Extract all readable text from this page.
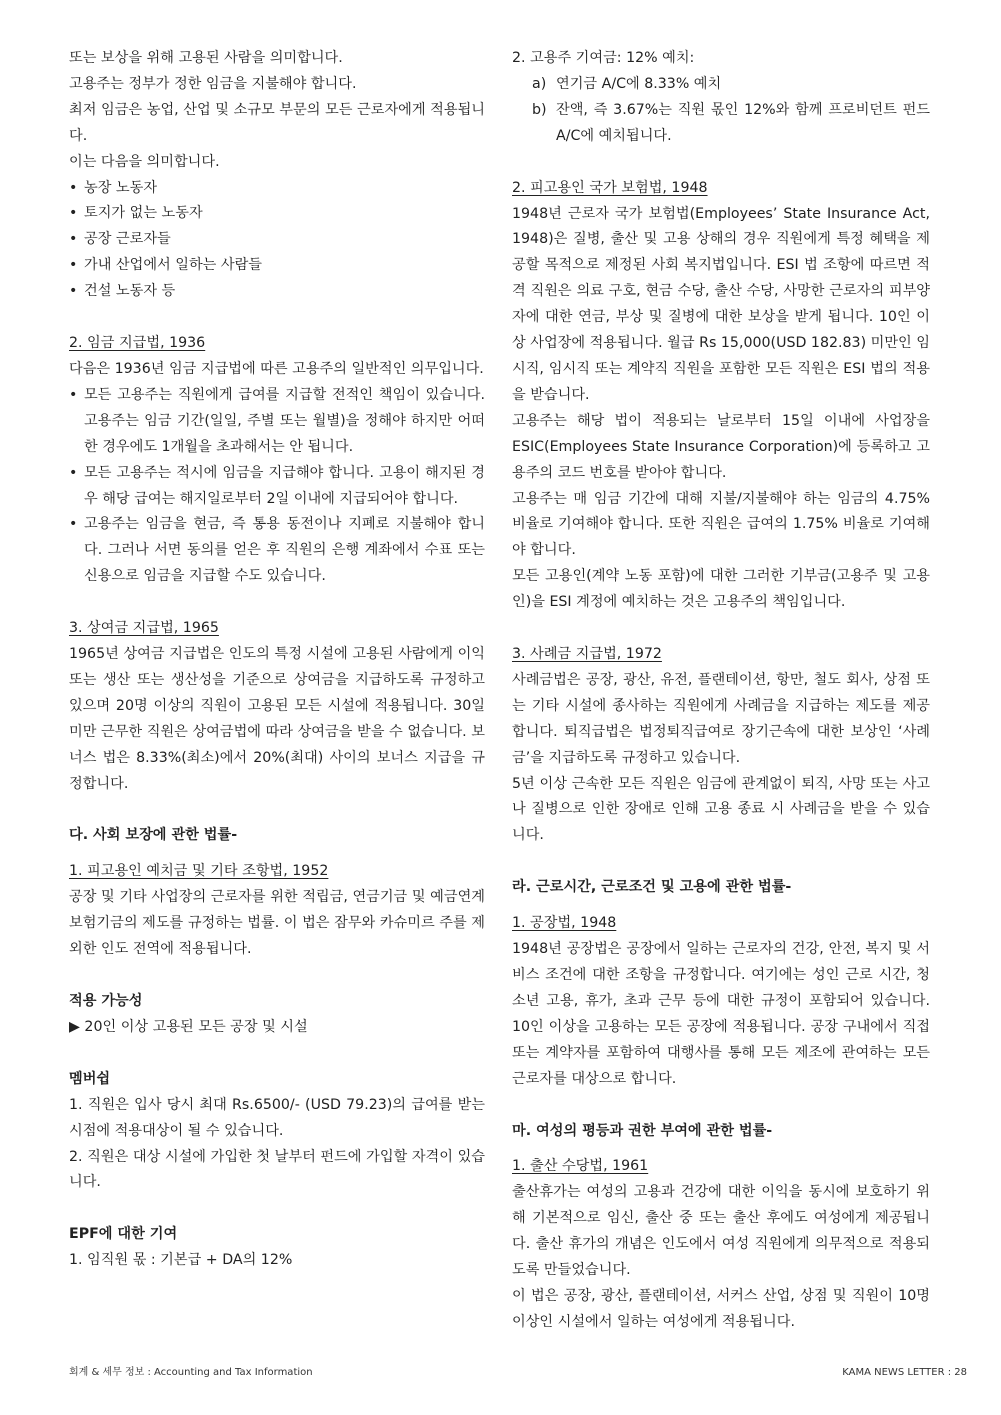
또는 보상을 위해 고용된 사람을 의미합니다.

고용주는 정부가 정한 임금을 지불해야 합니다.

최저 임금은 농업, 산업 및 소규모 부문의 모든 근로자에게 적용됩니다.

이는 다음을 의미합니다.

• 농장 노동자
• 토지가 없는 노동자
• 공장 근로자들
• 가내 산업에서 일하는 사람들
• 건설 노동자 등

2. 임금 지급법, 1936

다음은 1936년 임금 지급법에 따른 고용주의 일반적인 의무입니다.

• 모든 고용주는 직원에게 급여를 지급할 전적인 책임이 있습니다. 고용주는 임금 기간(일일, 주별 또는 월별)을 정해야 하지만 어떠한 경우에도 1개월을 초과해서는 안 됩니다.
• 모든 고용주는 적시에 임금을 지급해야 합니다. 고용이 해지된 경우 해당 급여는 해지일로부터 2일 이내에 지급되어야 합니다.
• 고용주는 임금을 현금, 즉 통용 동전이나 지폐로 지불해야 합니다. 그러나 서면 동의를 얻은 후 직원의 은행 계좌에서 수표 또는 신용으로 임금을 지급할 수도 있습니다.

3. 상여금 지급법, 1965

1965년 상여금 지급법은 인도의 특정 시설에 고용된 사람에게 이익 또는 생산 또는 생산성을 기준으로 상여금을 지급하도록 규정하고 있으며 20명 이상의 직원이 고용된 모든 시설에 적용됩니다. 30일 미만 근무한 직원은 상여금법에 따라 상여금을 받을 수 없습니다. 보너스 법은 8.33%(최소)에서 20%(최대) 사이의 보너스 지급을 규정합니다.

다. 사회 보장에 관한 법률-

1. 피고용인 예치금 및 기타 조항법, 1952

공장 및 기타 사업장의 근로자를 위한 적립금, 연금기금 및 예금연계보험기금의 제도를 규정하는 법률. 이 법은 잠무와 카슈미르 주를 제외한 인도 전역에 적용됩니다.

적용 가능성

▶ 20인 이상 고용된 모든 공장 및 시설

멤버쉽

1. 직원은 입사 당시 최대 Rs.6500/- (USD 79.23)의 급여를 받는 시점에 적용대상이 될 수 있습니다.

2. 직원은 대상 시설에 가입한 첫 날부터 펀드에 가입할 자격이 있습니다.

EPF에 대한 기여

1. 임직원 몫 : 기본급 + DA의 12%

2. 고용주 기여금: 12% 예치:

a) 연기금 A/C에 8.33% 예치
b) 잔액, 즉 3.67%는 직원 몫인 12%와 함께 프로비던트 펀드 A/C에 예치됩니다.

2. 피고용인 국가 보험법, 1948

1948년 근로자 국가 보험법(Employees’ State Insurance Act, 1948)은 질병, 출산 및 고용 상해의 경우 직원에게 특정 혜택을 제공할 목적으로 제정된 사회 복지법입니다. ESI 법 조항에 따르면 적격 직원은 의료 구호, 현금 수당, 출산 수당, 사망한 근로자의 피부양자에 대한 연금, 부상 및 질병에 대한 보상을 받게 됩니다. 10인 이상 사업장에 적용됩니다. 월급 Rs 15,000(USD 182.83) 미만인 임시직, 임시직 또는 계약직 직원을 포함한 모든 직원은 ESI 법의 적용을 받습니다.

고용주는 해당 법이 적용되는 날로부터 15일 이내에 사업장을 ESIC(Employees State Insurance Corporation)에 등록하고 고용주의 코드 번호를 받아야 합니다.

고용주는 매 임금 기간에 대해 지불/지불해야 하는 임금의 4.75% 비율로 기여해야 합니다. 또한 직원은 급여의 1.75% 비율로 기여해야 합니다.

모든 고용인(계약 노동 포함)에 대한 그러한 기부금(고용주 및 고용인)을 ESI 계정에 예치하는 것은 고용주의 책임입니다.

3. 사례금 지급법, 1972

사례금법은 공장, 광산, 유전, 플랜테이션, 항만, 철도 회사, 상점 또는 기타 시설에 종사하는 직원에게 사례금을 지급하는 제도를 제공합니다. 퇴직급법은 법정퇴직급여로 장기근속에 대한 보상인 ‘사례금’을 지급하도록 규정하고 있습니다.

5년 이상 근속한 모든 직원은 임금에 관계없이 퇴직, 사망 또는 사고나 질병으로 인한 장애로 인해 고용 종료 시 사례금을 받을 수 있습니다.

라. 근로시간, 근로조건 및 고용에 관한 법률-

1. 공장법, 1948

1948년 공장법은 공장에서 일하는 근로자의 건강, 안전, 복지 및 서비스 조건에 대한 조항을 규정합니다. 여기에는 성인 근로 시간, 청소년 고용, 휴가, 초과 근무 등에 대한 규정이 포함되어 있습니다. 10인 이상을 고용하는 모든 공장에 적용됩니다. 공장 구내에서 직접 또는 계약자를 포함하여 대행사를 통해 모든 제조에 관여하는 모든 근로자를 대상으로 합니다.

마. 여성의 평등과 권한 부여에 관한 법률-

1. 출산 수당법, 1961

출산휴가는 여성의 고용과 건강에 대한 이익을 동시에 보호하기 위해 기본적으로 임신, 출산 중 또는 출산 후에도 여성에게 제공됩니다. 출산 휴가의 개념은 인도에서 여성 직원에게 의무적으로 적용되도록 만들었습니다.

이 법은 공장, 광산, 플랜테이션, 서커스 산업, 상점 및 직원이 10명 이상인 시설에서 일하는 여성에게 적용됩니다.

회계 & 세무 정보 : Accounting and Tax Information	KAMA NEWS LETTER : 28
